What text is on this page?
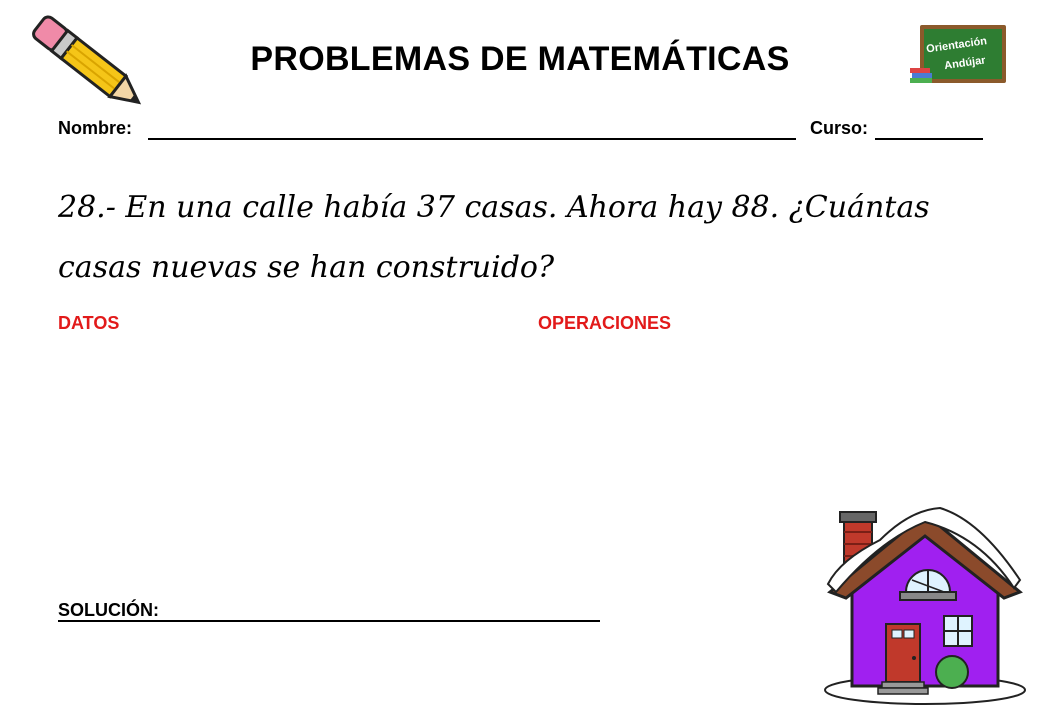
PROBLEMAS DE MATEMÁTICAS	Orientación
Andújar
Nombre:	Curso:
28.- En una calle había 37 casas. Ahora hay 88. ¿Cuántas casas nuevas se han construido?
DATOS	OPERACIONES
SOLUCIÓN:
